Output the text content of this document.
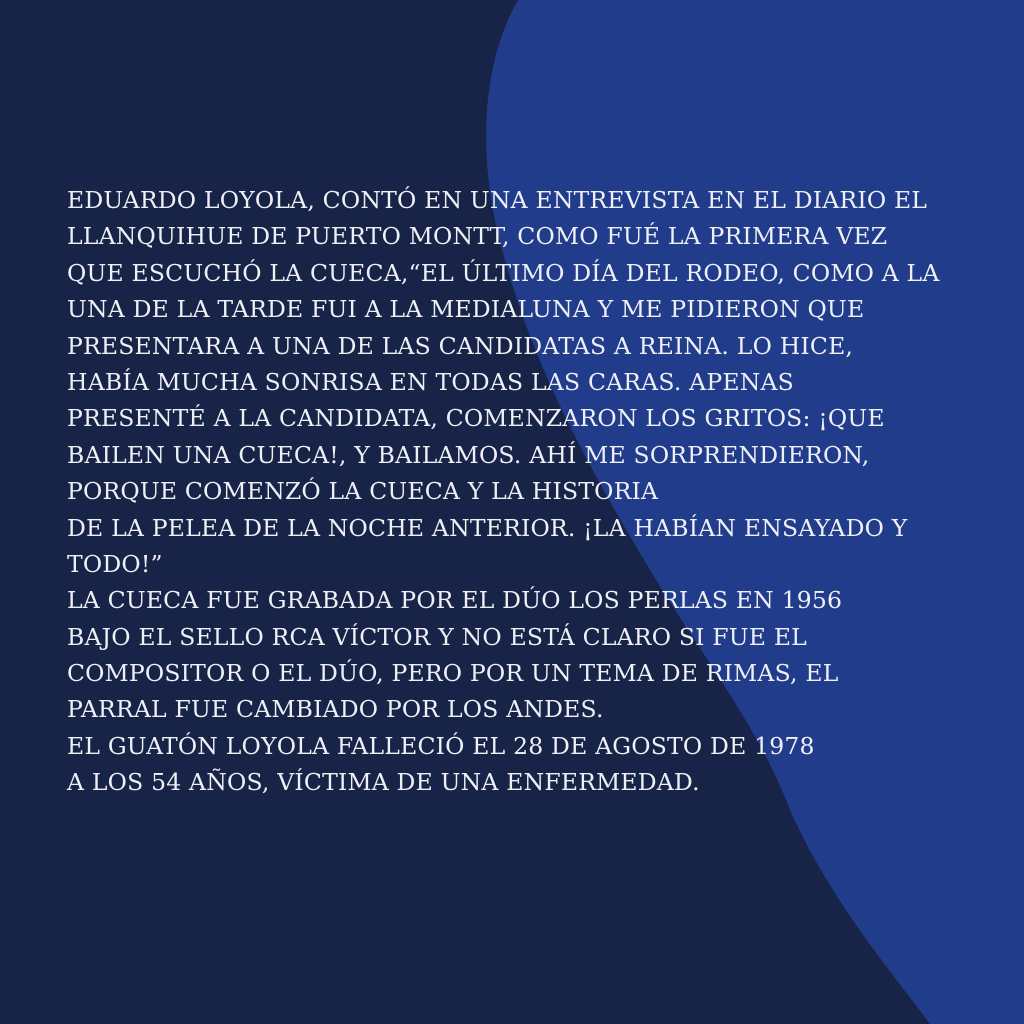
EDUARDO LOYOLA, CONTÓ EN UNA ENTREVISTA EN EL DIARIO EL
LLANQUIHUE DE PUERTO MONTT, COMO FUÉ LA PRIMERA VEZ
QUE ESCUCHÓ LA CUECA,“EL ÚLTIMO DÍA DEL RODEO, COMO A LA
UNA DE LA TARDE FUI A LA MEDIALUNA Y ME PIDIERON QUE
PRESENTARA A UNA DE LAS CANDIDATAS A REINA. LO HICE,
HABÍA MUCHA SONRISA EN TODAS LAS CARAS. APENAS
PRESENTÉ A LA CANDIDATA, COMENZARON LOS GRITOS: ¡QUE
BAILEN UNA CUECA!, Y BAILAMOS. AHÍ ME SORPRENDIERON,
PORQUE COMENZÓ LA CUECA Y LA HISTORIA
DE LA PELEA DE LA NOCHE ANTERIOR. ¡LA HABÍAN ENSAYADO Y
TODO!”
LA CUECA FUE GRABADA POR EL DÚO LOS PERLAS EN 1956
BAJO EL SELLO RCA VÍCTOR Y NO ESTÁ CLARO SI FUE EL
COMPOSITOR O EL DÚO, PERO POR UN TEMA DE RIMAS, EL
PARRAL FUE CAMBIADO POR LOS ANDES.
EL GUATÓN LOYOLA FALLECIÓ EL 28 DE AGOSTO DE 1978
A LOS 54 AÑOS, VÍCTIMA DE UNA ENFERMEDAD.
